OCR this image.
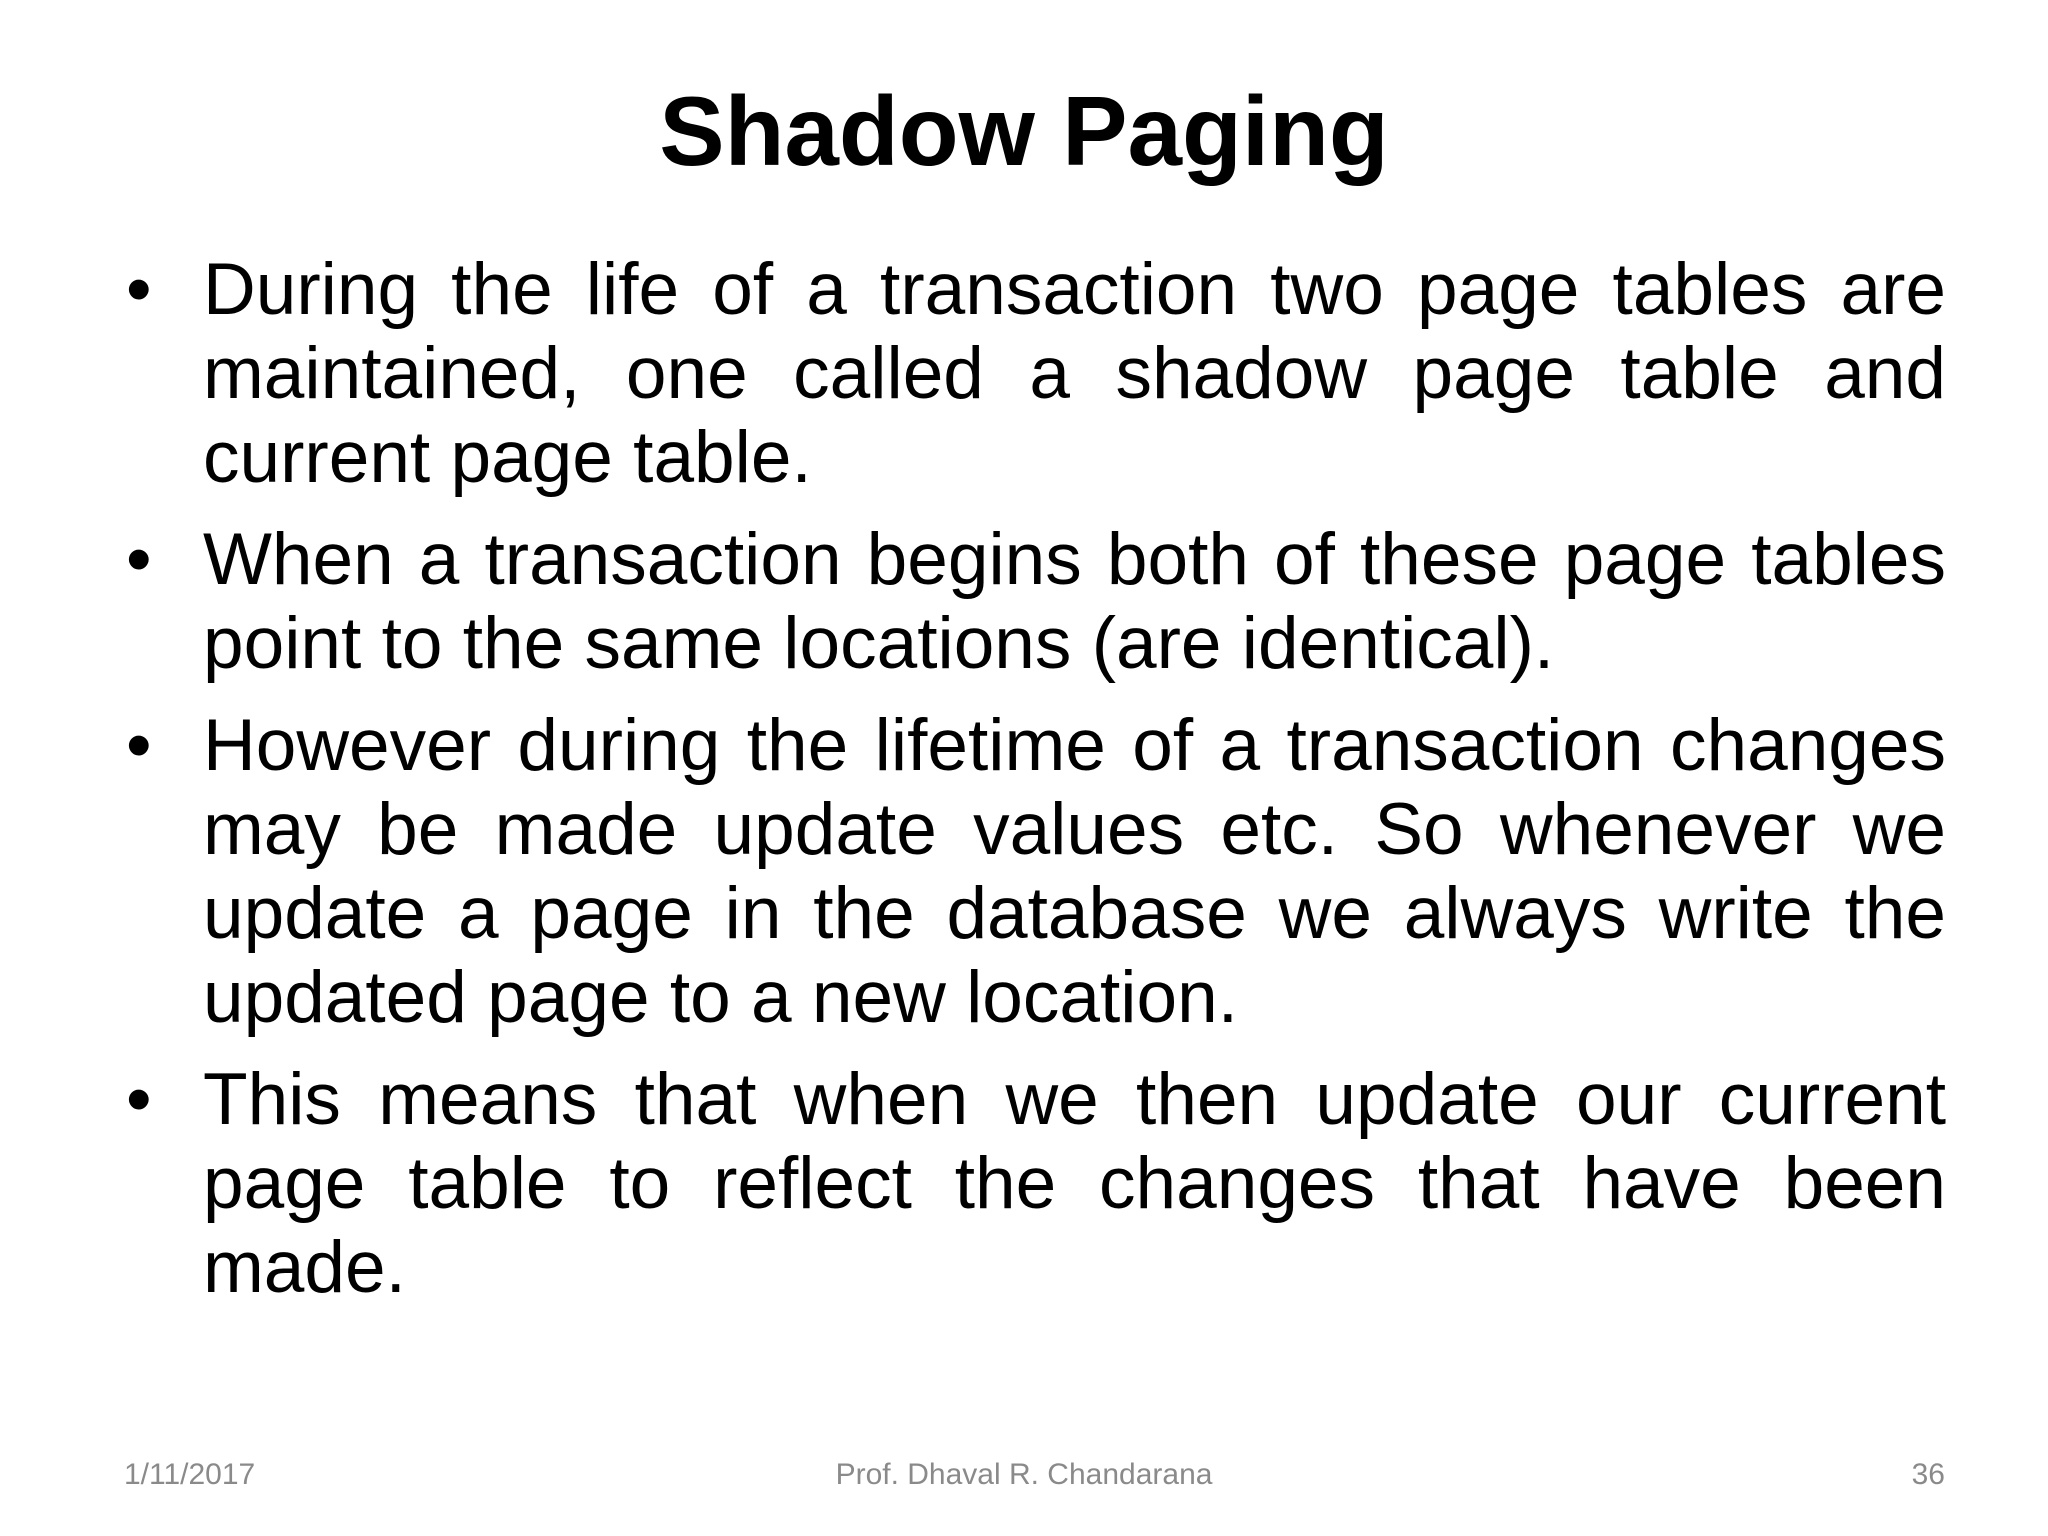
Shadow Paging
• During the life of a transaction two page tables are maintained, one called a shadow page table and current page table.
• When a transaction begins both of these page tables point to the same locations (are identical).
• However during the lifetime of a transaction changes may be made update values etc. So whenever we update a page in the database we always write the updated page to a new location.
• This means that when we then update our current page table to reflect the changes that have been made.
1/11/2017	Prof. Dhaval R. Chandarana	36
